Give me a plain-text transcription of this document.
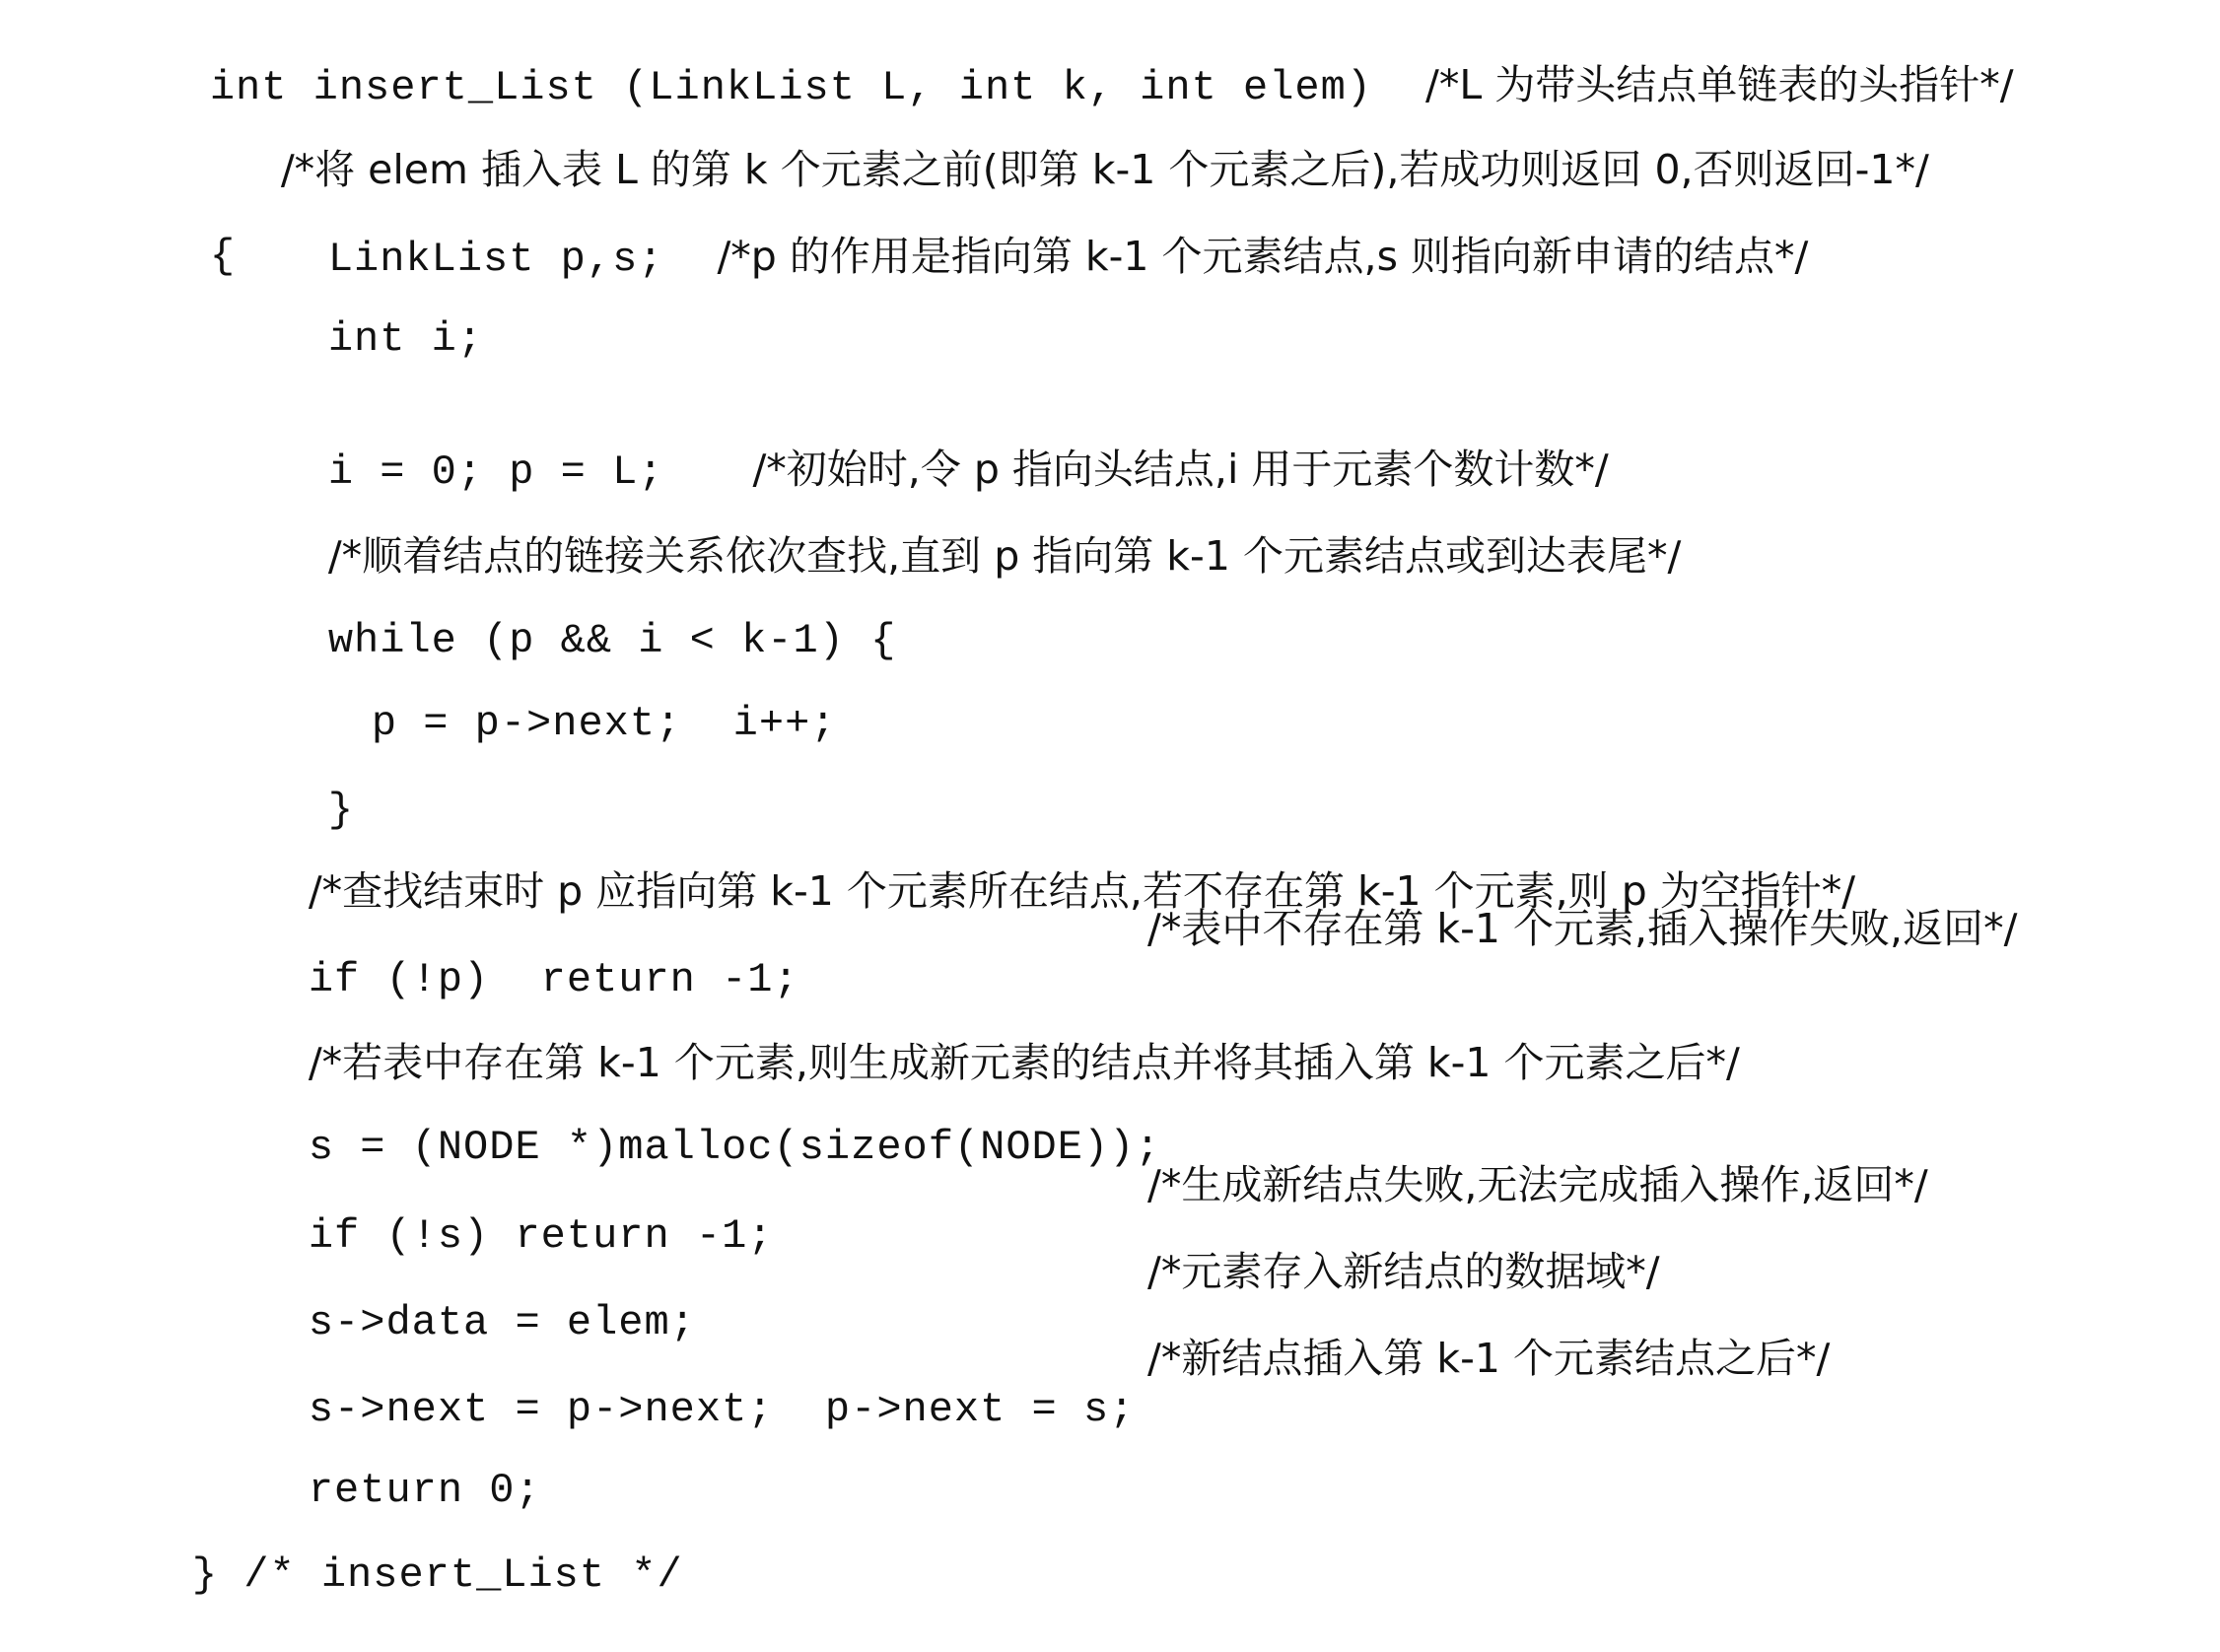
int insert_List (LinkList L, int k, int elem) /*L 为带头结点单链表的头指针*/

/*将 elem 插入表 L 的第 k 个元素之前(即第 k-1 个元素之后),若成功则返回 0,否则返回-1*/

{
	LinkList p,s; /*p 的作用是指向第 k-1 个元素结点,s 则指向新申请的结点*/

int i;

i = 0; p = L; /*初始时,令 p 指向头结点,i 用于元素个数计数*/

/*顺着结点的链接关系依次查找,直到 p 指向第 k-1 个元素结点或到达表尾*/

while (p && i < k-1) {

p = p->next;  i++;

}

/*查找结束时 p 应指向第 k-1 个元素所在结点,若不存在第 k-1 个元素,则 p 为空指针*/

if (!p)  return -1;

/*表中不存在第 k-1 个元素,插入操作失败,返回*/

/*若表中存在第 k-1 个元素,则生成新元素的结点并将其插入第 k-1 个元素之后*/

s = (NODE *)malloc(sizeof(NODE));

if (!s) return -1;

/*生成新结点失败,无法完成插入操作,返回*/

s->data = elem;

/*元素存入新结点的数据域*/

s->next = p->next;  p->next = s;

/*新结点插入第 k-1 个元素结点之后*/

return 0;

} /* insert_List */
